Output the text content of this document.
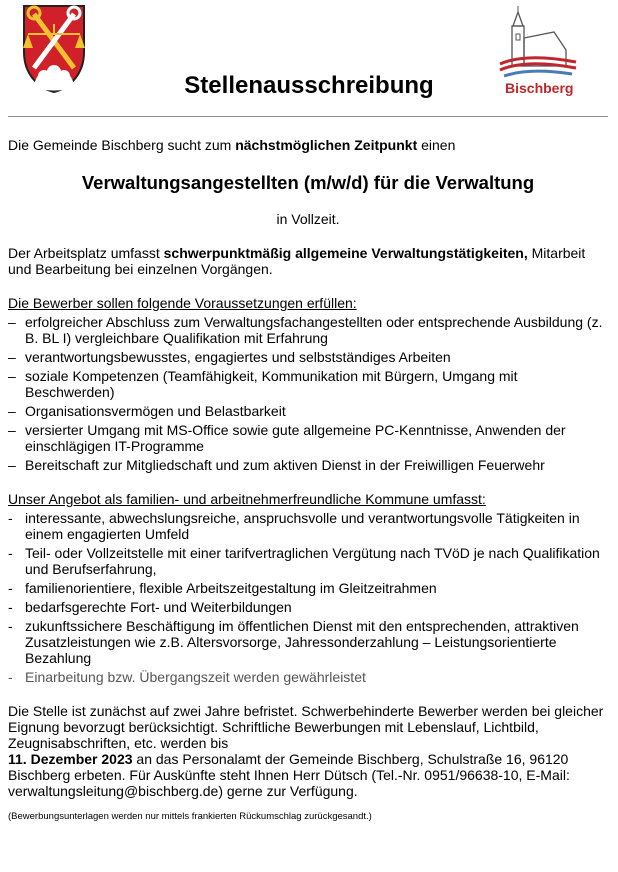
Stellenausschreibung	Bischberg

Die Gemeinde Bischberg sucht zum nächstmöglichen Zeitpunkt einen

Verwaltungsangestellten (m/w/d) für die Verwaltung

in Vollzeit.

Der Arbeitsplatz umfasst schwerpunktmäßig allgemeine Verwaltungstätigkeiten, Mitarbeit und Bearbeitung bei einzelnen Vorgängen.

Die Bewerber sollen folgende Voraussetzungen erfüllen:

– erfolgreicher Abschluss zum Verwaltungsfachangestellten oder entsprechende Ausbildung (z. B. BL I) vergleichbare Qualifikation mit Erfahrung
– verantwortungsbewusstes, engagiertes und selbstständiges Arbeiten
– soziale Kompetenzen (Teamfähigkeit, Kommunikation mit Bürgern, Umgang mit Beschwerden)
– Organisationsvermögen und Belastbarkeit
– versierter Umgang mit MS-Office sowie gute allgemeine PC-Kenntnisse, Anwenden der einschlägigen IT-Programme
– Bereitschaft zur Mitgliedschaft und zum aktiven Dienst in der Freiwilligen Feuerwehr

Unser Angebot als familien- und arbeitnehmerfreundliche Kommune umfasst:

- interessante, abwechslungsreiche, anspruchsvolle und verantwortungsvolle Tätigkeiten in einem engagierten Umfeld
- Teil- oder Vollzeitstelle mit einer tarifvertraglichen Vergütung nach TVöD je nach Qualifikation und Berufserfahrung,
- familienorientiere, flexible Arbeitszeitgestaltung im Gleitzeitrahmen
- bedarfsgerechte Fort- und Weiterbildungen
- zukunftssichere Beschäftigung im öffentlichen Dienst mit den entsprechenden, attraktiven Zusatzleistungen wie z.B. Altersvorsorge, Jahressonderzahlung – Leistungsorientierte Bezahlung
- Einarbeitung bzw. Übergangszeit werden gewährleistet

Die Stelle ist zunächst auf zwei Jahre befristet. Schwerbehinderte Bewerber werden bei gleicher Eignung bevorzugt berücksichtigt. Schriftliche Bewerbungen mit Lebenslauf, Lichtbild, Zeugnisabschriften, etc. werden bis
11. Dezember 2023 an das Personalamt der Gemeinde Bischberg, Schulstraße 16, 96120 Bischberg erbeten. Für Auskünfte steht Ihnen Herr Dütsch (Tel.-Nr. 0951/96638-10, E-Mail: verwaltungsleitung@bischberg.de) gerne zur Verfügung.

(Bewerbungsunterlagen werden nur mittels frankierten Rückumschlag zurückgesandt.)
